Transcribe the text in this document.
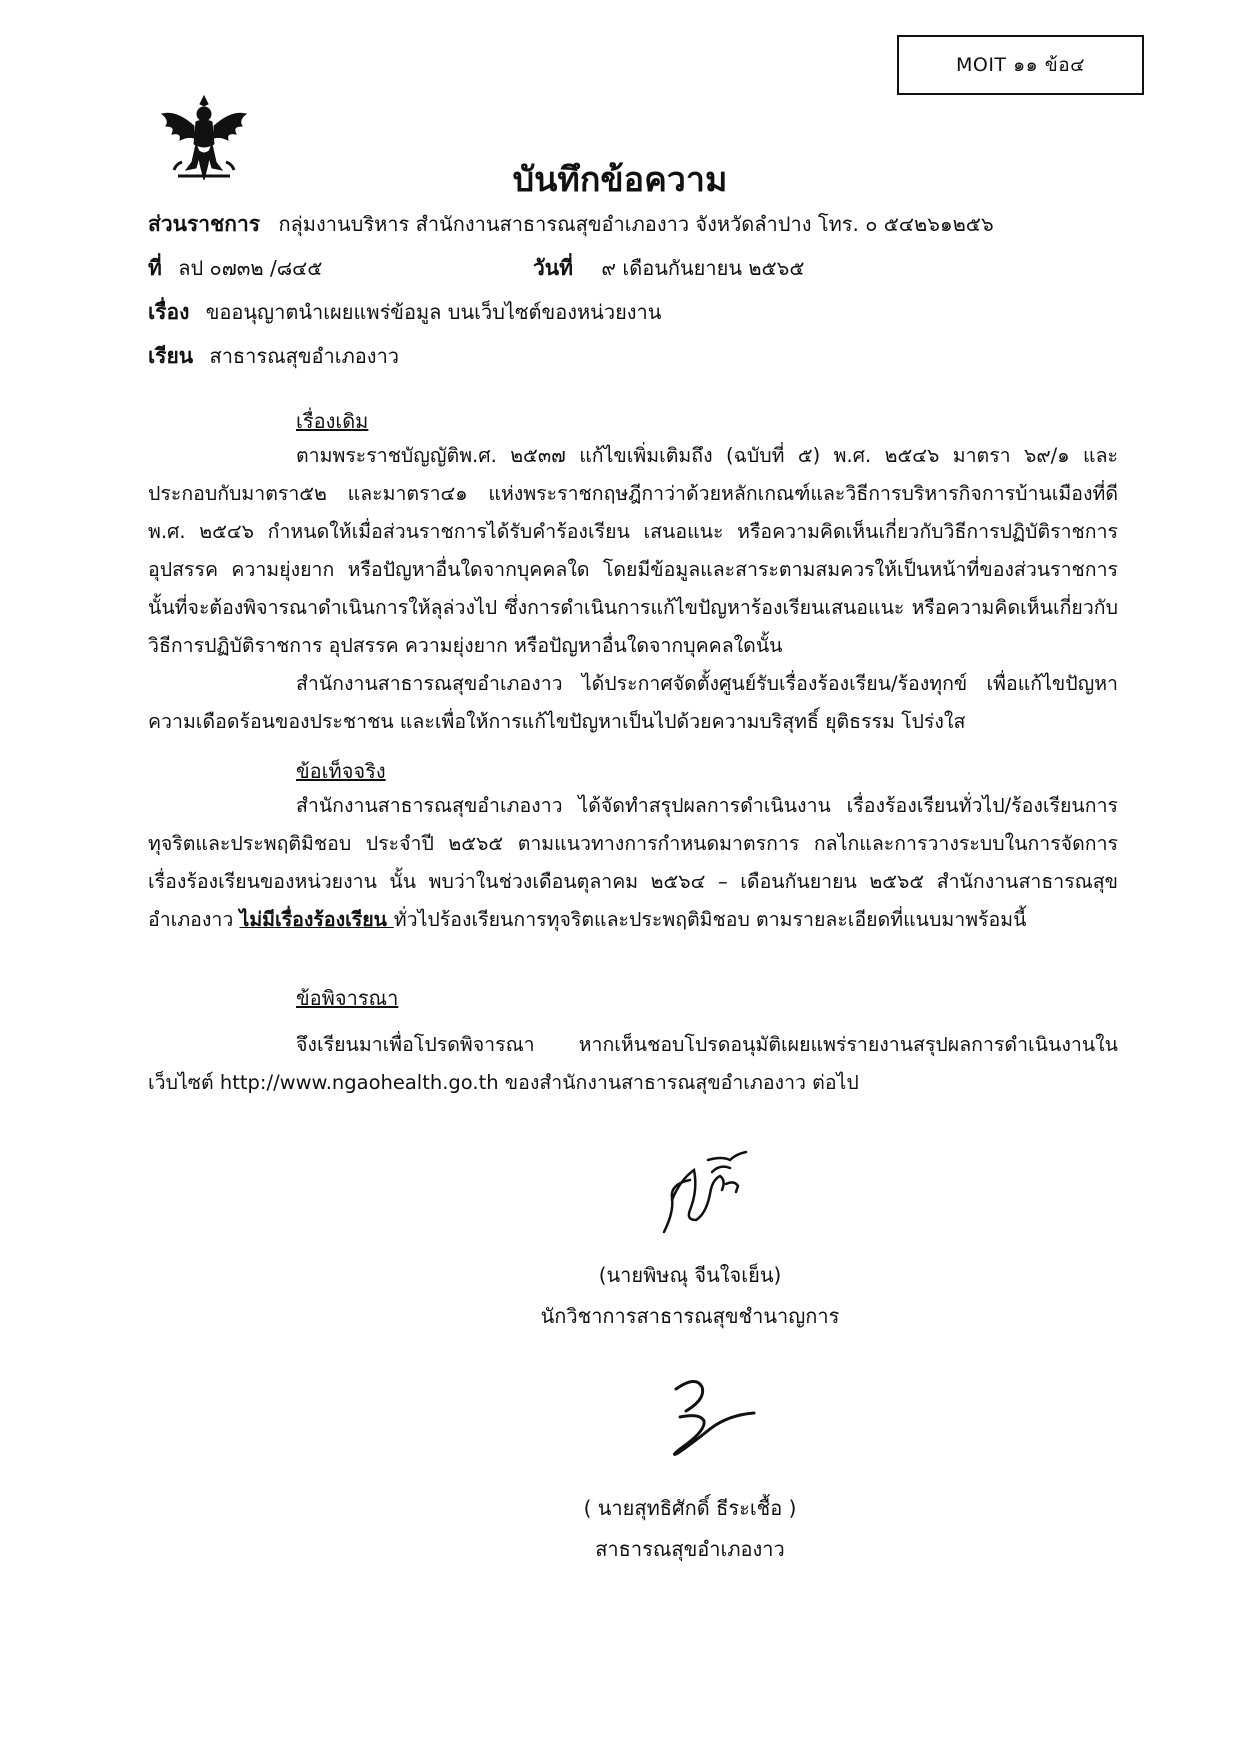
MOIT ๑๑ ข้อ๔
บันทึกข้อความ
ส่วนราชการ กลุ่มงานบริหาร สำนักงานสาธารณสุขอำเภองาว จังหวัดลำปาง โทร. ๐ ๕๔๒๖๑๒๕๖
ที่ ลป ๐๗๓๒ /๘๔๕	วันที่ ๙ เดือนกันยายน ๒๕๖๕
เรื่อง ขออนุญาตนำเผยแพร่ข้อมูล บนเว็บไซต์ของหน่วยงาน
เรียน สาธารณสุขอำเภองาว
เรื่องเดิม
ตามพระราชบัญญัติพ.ศ. ๒๕๓๗ แก้ไขเพิ่มเติมถึง (ฉบับที่ ๕) พ.ศ. ๒๕๔๖ มาตรา ๖๙/๑ และประกอบกับมาตรา๕๒ และมาตรา๔๑ แห่งพระราชกฤษฎีกาว่าด้วยหลักเกณฑ์และวิธีการบริหารกิจการบ้านเมืองที่ดี พ.ศ. ๒๕๔๖ กำหนดให้เมื่อส่วนราชการได้รับคำร้องเรียน เสนอแนะ หรือความคิดเห็นเกี่ยวกับวิธีการปฏิบัติราชการ อุปสรรค ความยุ่งยาก หรือปัญหาอื่นใดจากบุคคลใด โดยมีข้อมูลและสาระตามสมควรให้เป็นหน้าที่ของส่วนราชการนั้นที่จะต้องพิจารณาดำเนินการให้ลุล่วงไป ซึ่งการดำเนินการแก้ไขปัญหาร้องเรียนเสนอแนะ หรือความคิดเห็นเกี่ยวกับวิธีการปฏิบัติราชการ อุปสรรค ความยุ่งยาก หรือปัญหาอื่นใดจากบุคคลใดนั้น
สำนักงานสาธารณสุขอำเภองาว ได้ประกาศจัดตั้งศูนย์รับเรื่องร้องเรียน/ร้องทุกข์ เพื่อแก้ไขปัญหาความเดือดร้อนของประชาชน และเพื่อให้การแก้ไขปัญหาเป็นไปด้วยความบริสุทธิ์ ยุติธรรม โปร่งใส
ข้อเท็จจริง
สำนักงานสาธารณสุขอำเภองาว ได้จัดทำสรุปผลการดำเนินงาน เรื่องร้องเรียนทั่วไป/ร้องเรียนการทุจริตและประพฤติมิชอบ ประจำปี ๒๕๖๕ ตามแนวทางการกำหนดมาตรการ กลไกและการวางระบบในการจัดการเรื่องร้องเรียนของหน่วยงาน นั้น พบว่าในช่วงเดือนตุลาคม ๒๕๖๔ – เดือนกันยายน ๒๕๖๕ สำนักงานสาธารณสุขอำเภองาว ไม่มีเรื่องร้องเรียน ทั่วไปร้องเรียนการทุจริตและประพฤติมิชอบ ตามรายละเอียดที่แนบมาพร้อมนี้
ข้อพิจารณา
จึงเรียนมาเพื่อโปรดพิจารณา หากเห็นชอบโปรดอนุมัติเผยแพร่รายงานสรุปผลการดำเนินงานในเว็บไซต์ http://www.ngaohealth.go.th ของสำนักงานสาธารณสุขอำเภองาว ต่อไป
(นายพิษณุ จีนใจเย็น)
นักวิชาการสาธารณสุขชำนาญการ
( นายสุทธิศักดิ์ ธีระเชื้อ )
สาธารณสุขอำเภองาว
